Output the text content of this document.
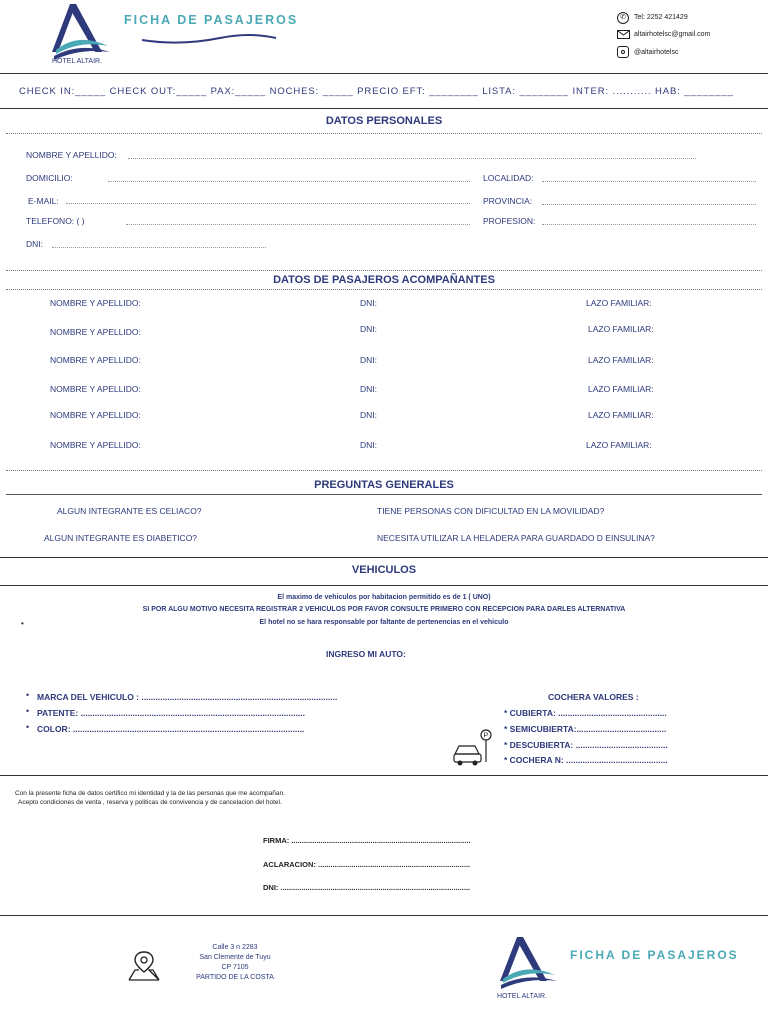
HOTEL ALTAIR.
FICHA DE PASAJEROS	✆	Tel: 2252 421429
altairhotelsc@gmail.com
@altairhotelsc
CHECK IN:_____ CHECK OUT:_____ PAX:_____ NOCHES: _____ PRECIO EFT: ________ LISTA: ________ INTER: ........... HAB: ________
DATOS PERSONALES
NOMBRE Y APELLIDO:
DOMICILIO:	LOCALIDAD:
E-MAIL:	PROVINCIA:
TELEFONO: ( )	PROFESION:
DNI:
DATOS DE PASAJEROS ACOMPAÑANTES
NOMBRE Y APELLIDO:	DNI:	LAZO FAMILIAR:
NOMBRE Y APELLIDO:	DNI:	LAZO FAMILIAR:
NOMBRE Y APELLIDO:	DNI:	LAZO FAMILIAR:
NOMBRE Y APELLIDO:	DNI:	LAZO FAMILIAR:
NOMBRE Y APELLIDO:	DNI:	LAZO FAMILIAR:
NOMBRE Y APELLIDO:	DNI:	LAZO FAMILIAR:
PREGUNTAS GENERALES
ALGUN INTEGRANTE ES CELIACO?	TIENE PERSONAS CON DIFICULTAD EN LA MOVILIDAD?
ALGUN INTEGRANTE ES DIABETICO?	NECESITA UTILIZAR LA HELADERA PARA GUARDADO D EINSULINA?
VEHICULOS
El maximo de vehiculos por habitacion permitido es de 1 ( UNO)
SI POR ALGU MOTIVO NECESITA REGISTRAR 2 VEHICULOS POR FAVOR CONSULTE PRIMERO CON RECEPCION PARA DARLES ALTERNATIVA
•	El hotel no se hara responsable por faltante de pertenencias en el vehiculo
INGRESO MI AUTO:
• MARCA DEL VEHICULO : ...................................................................................
• PATENTE: ...............................................................................................
• COLOR: ..................................................................................................
COCHERA VALORES :
* CUBIERTA: ..............................................
* SEMICUBIERTA:......................................
* DESCUBIERTA: .......................................
* COCHERA N: ...........................................
P
Con la presente ficha de datos certifico mi identidad y la de las personas que me acompañan.
Acepto condiciones de venta , reserva y politicas de convivencia y de cancelacion del hotel.
FIRMA: ......................................................................................
ACLARACION: .........................................................................
DNI: ...........................................................................................
Calle 3 n 2283
San Clemente de Tuyu
CP 7105
PARTIDO DE LA COSTA
HOTEL ALTAIR.
FICHA DE PASAJEROS
